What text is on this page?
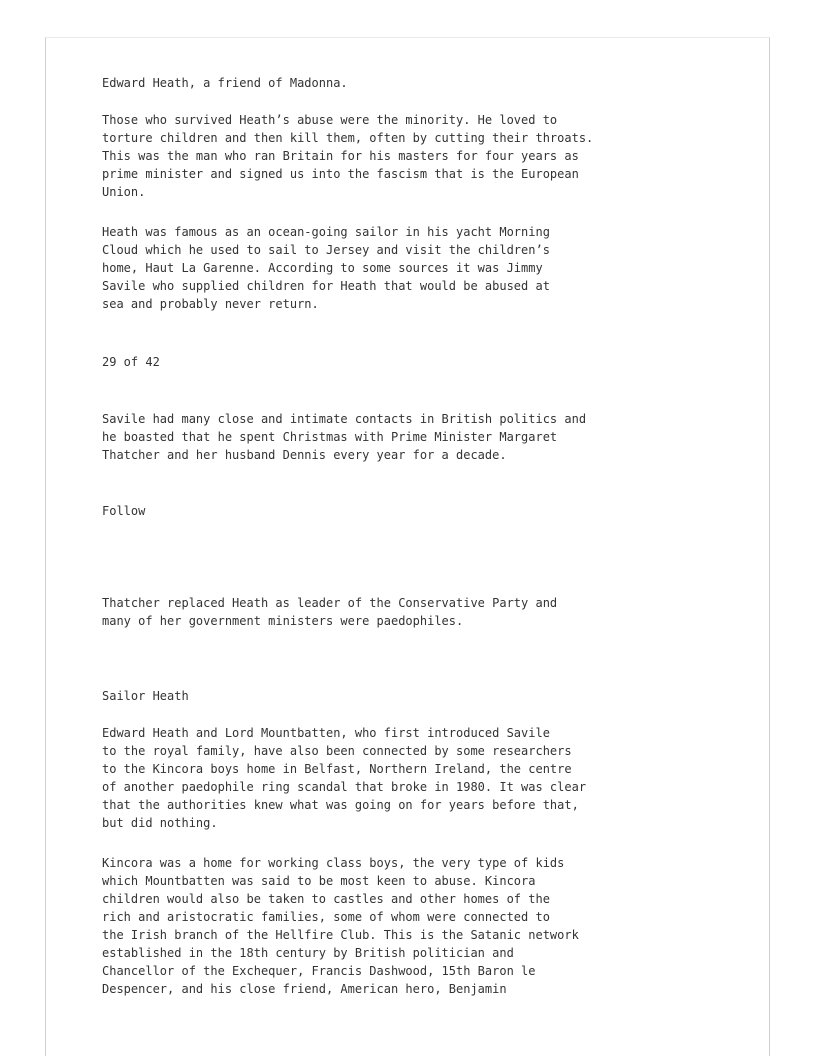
Edward Heath, a friend of Madonna.
Those who survived Heath’s abuse were the minority. He loved to
torture children and then kill them, often by cutting their throats.
This was the man who ran Britain for his masters for four years as
prime minister and signed us into the fascism that is the European
Union.
Heath was famous as an ocean-going sailor in his yacht Morning
Cloud which he used to sail to Jersey and visit the children’s
home, Haut La Garenne. According to some sources it was Jimmy
Savile who supplied children for Heath that would be abused at
sea and probably never return.
29 of 42
Savile had many close and intimate contacts in British politics and
he boasted that he spent Christmas with Prime Minister Margaret
Thatcher and her husband Dennis every year for a decade.
Follow
Thatcher replaced Heath as leader of the Conservative Party and
many of her government ministers were paedophiles.
Sailor Heath
Edward Heath and Lord Mountbatten, who first introduced Savile
to the royal family, have also been connected by some researchers
to the Kincora boys home in Belfast, Northern Ireland, the centre
of another paedophile ring scandal that broke in 1980. It was clear
that the authorities knew what was going on for years before that,
but did nothing.
Kincora was a home for working class boys, the very type of kids
which Mountbatten was said to be most keen to abuse. Kincora
children would also be taken to castles and other homes of the
rich and aristocratic families, some of whom were connected to
the Irish branch of the Hellfire Club. This is the Satanic network
established in the 18th century by British politician and
Chancellor of the Exchequer, Francis Dashwood, 15th Baron le
Despencer, and his close friend, American hero, Benjamin
